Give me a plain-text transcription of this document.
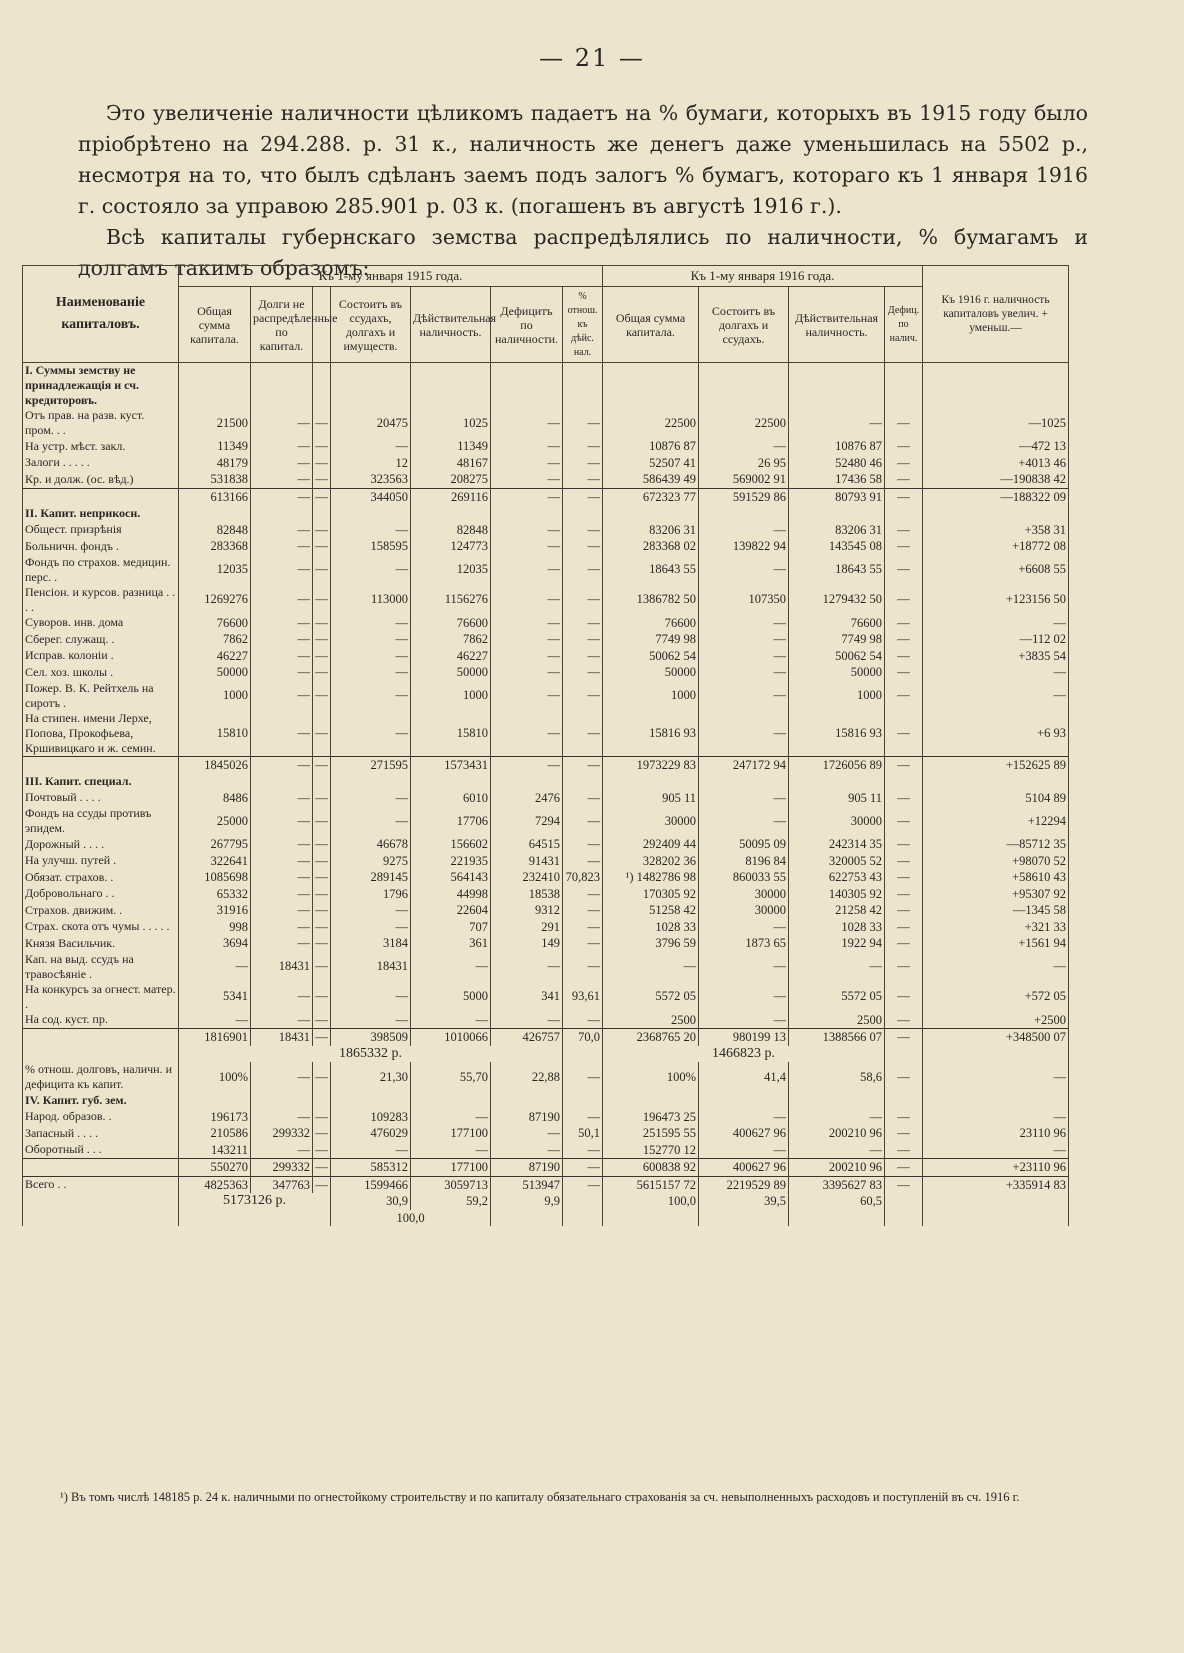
— 21 —

Это увеличеніе наличности цѣликомъ падаетъ на % бумаги, которыхъ въ 1915 году было пріобрѣтено на 294.288. р. 31 к., наличность же денегъ даже уменьшилась на 5502 р., несмотря на то, что былъ сдѣланъ заемъ подъ залогъ % бумагъ, котораго къ 1 января 1916 г. состояло за управою 285.901 р. 03 к. (погашенъ въ августѣ 1916 г.).

Всѣ капиталы губернскаго земства распредѣлялись по наличности, % бумагамъ и долгамъ такимъ образомъ:

Наименованіе капиталовъ.	Къ 1-му января 1915 года.							Къ 1-му января 1916 года.				Къ 1916 г. наличность капиталовъ увелич. + уменьш.—
	Общая сумма капитала.	Долги не распредѣленные по капитал.		Состоитъ въ ссудахъ, долгахъ и имуществ.	Дѣйствительная наличность.	Дефицитъ по наличности.	% отнош. къ дѣйс. нал.	Общая сумма капитала.	Состоитъ въ долгахъ и ссудахъ.	Дѣйствительная наличность.	Дефиц. по налич.	
I. Суммы земству не принадлежащія и сч. кредиторовъ.												
Отъ прав. на разв. куст. пром. . .	21500	—	—	20475	1025	—	—	22500	22500	—	—	—1025
На устр. мѣст. закл.	11349	—	—	—	11349	—	—	10876 87	—	10876 87	—	—472 13
Залоги . . . . .	48179	—	—	12	48167	—	—	52507 41	26 95	52480 46	—	+4013 46
Кр. и долж. (ос. вѣд.)	531838	—	—	323563	208275	—	—	586439 49	569002 91	17436 58	—	—190838 42
	613166	—	—	344050	269116	—	—	672323 77	591529 86	80793 91	—	—188322 09
II. Капит. неприкосн.												
Общест. призрѣнія	82848	—	—	—	82848	—	—	83206 31	—	83206 31	—	+358 31
Больничн. фондъ .	283368	—	—	158595	124773	—	—	283368 02	139822 94	143545 08	—	+18772 08
Фондъ по страхов. медицин. перс. .	12035	—	—	—	12035	—	—	18643 55	—	18643 55	—	+6608 55
Пенсіон. и курсов. разница . . . .	1269276	—	—	113000	1156276	—	—	1386782 50	107350	1279432 50	—	+123156 50
Суворов. инв. дома	76600	—	—	—	76600	—	—	76600	—	76600	—	—
Сберег. служащ. .	7862	—	—	—	7862	—	—	7749 98	—	7749 98	—	—112 02
Исправ. колоніи .	46227	—	—	—	46227	—	—	50062 54	—	50062 54	—	+3835 54
Сел. хоз. школы .	50000	—	—	—	50000	—	—	50000	—	50000	—	—
Пожер. В. К. Рейтхель на сиротъ .	1000	—	—	—	1000	—	—	1000	—	1000	—	—
На стипен. имени Лерхе, Попова, Прокофьева, Кршивицкаго и ж. семин.	15810	—	—	—	15810	—	—	15816 93	—	15816 93	—	+6 93
	1845026	—	—	271595	1573431	—	—	1973229 83	247172 94	1726056 89	—	+152625 89
III. Капит. специал.												
Почтовый . . . .	8486	—	—	—	6010	2476	—	905 11	—	905 11	—	5104 89
Фондъ на ссуды противъ эпидем.	25000	—	—	—	17706	7294	—	30000	—	30000	—	+12294
Дорожный . . . .	267795	—	—	46678	156602	64515	—	292409 44	50095 09	242314 35	—	—85712 35
На улучш. путей .	322641	—	—	9275	221935	91431	—	328202 36	8196 84	320005 52	—	+98070 52
Обязат. страхов. .	1085698	—	—	289145	564143	232410	70,823	¹) 1482786 98	860033 55	622753 43	—	+58610 43
Добровольнаго . .	65332	—	—	1796	44998	18538	—	170305 92	30000	140305 92	—	+95307 92
Страхов. движим. .	31916	—	—	—	22604	9312	—	51258 42	30000	21258 42	—	—1345 58
Страх. скота отъ чумы . . . . .	998	—	—	—	707	291	—	1028 33	—	1028 33	—	+321 33
Князя Васильчик.	3694	—	—	3184	361	149	—	3796 59	1873 65	1922 94	—	+1561 94
Кап. на выд. ссудъ на травосѣяніе .	—	18431	—	18431	—	—	—	—	—	—	—	—
На конкурсъ за огнест. матер. .	5341	—	—	—	5000	341	93,61	5572 05	—	5572 05	—	+572 05
На сод. куст. пр.	—	—	—	—	—	—	—	2500	—	2500	—	+2500
	1816901	18431	—	398509	1010066	426757	70,0	2368765 20	980199 13	1388566 07	—	+348500 07
	1865332 р.							1466823 р.				
% отнош. долговъ, наличн. и дефицита къ капит.	100%	—	—	21,30	55,70	22,88	—	100%	41,4	58,6	—	—
IV. Капит. губ. зем.												
Народ. образов. .	196173	—	—	109283	—	87190	—	196473 25	—	—	—	—
Запасный . . . .	210586	299332	—	476029	177100	—	50,1	251595 55	400627 96	200210 96	—	23110 96
Оборотный . . .	143211	—	—	—	—	—	—	152770 12	—	—	—	—
	550270	299332	—	585312	177100	87190	—	600838 92	400627 96	200210 96	—	+23110 96
Всего . .	4825363	347763	—	1599466	3059713	513947	—	5615157 72	2219529 89	3395627 83	—	+335914 83
	5173126 р.			30,9	59,2	9,9		100,0	39,5	60,5		
				100,0								
¹) Въ томъ числѣ 148185 р. 24 к. наличными по огнестойкому строительству и по капиталу обязательнаго страхованія за сч. невыполненныхъ расходовъ и поступленій въ сч. 1916 г.
